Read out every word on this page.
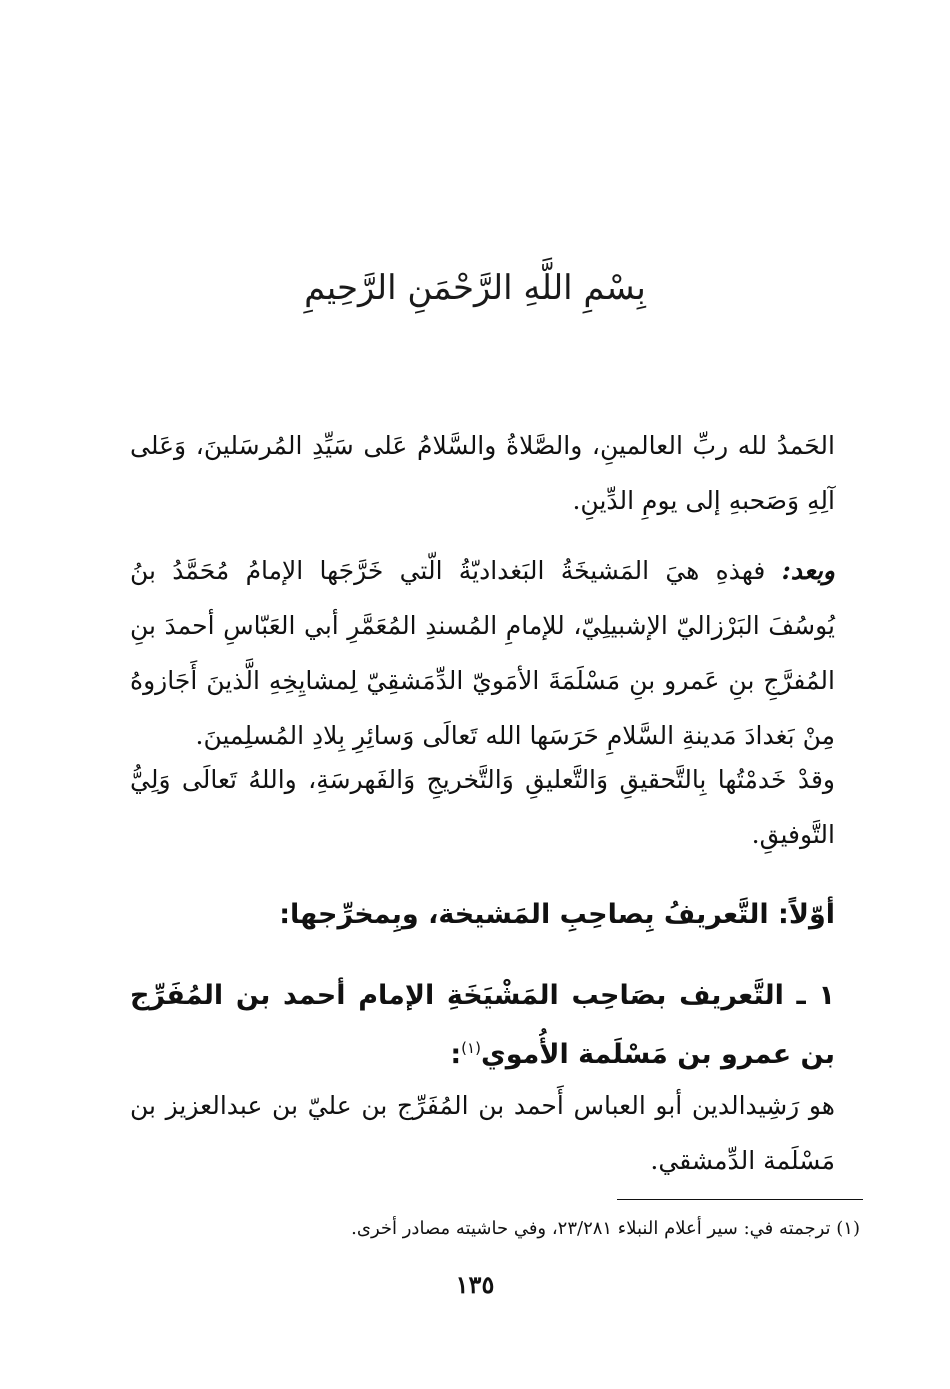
بِسْمِ اللَّهِ الرَّحْمَنِ الرَّحِيمِ

الحَمدُ لله ربِّ العالمينِ، والصَّلاةُ والسَّلامُ عَلى سَيِّدِ المُرسَلينَ، وَعَلى آلِهِ وَصَحبهِ إلى يومِ الدِّينِ.

وبعد: فهذهِ هيَ المَشيخَةُ البَغداديّةُ الّتي خَرَّجَها الإمامُ مُحَمَّدُ بنُ يُوسُفَ البَرْزاليّ الإشبيلِيّ، للإمامِ المُسندِ المُعَمَّرِ أبي العَبّاسِ أحمدَ بنِ المُفرَّجِ بنِ عَمرو بنِ مَسْلَمَةَ الأمَويّ الدِّمَشقِيّ لِمشايِخِهِ الَّذينَ أَجَازوهُ مِنْ بَغدادَ مَدينةِ السَّلامِ حَرَسَها الله تَعالَى وَسائِرِ بِلادِ المُسلِمينَ.

وقدْ خَدمْتُها بِالتَّحقيقِ وَالتَّعليقِ وَالتَّخريجِ وَالفَهرسَةِ، واللهُ تَعالَى وَلِيُّ التَّوفيقِ.

أوّلاً: التَّعريفُ بِصاحِبِ المَشيخة، وبِمخرِّجها:
١ ـ التَّعريف بصَاحِب المَشْيَخَةِ الإمام أحمد بن المُفَرِّج بن عمرو بن مَسْلَمة الأُموي$^{(١)}$:

هو رَشِيدالدين أبو العباس أَحمد بن المُفَرِّج بن عليّ بن عبدالعزيز بن مَسْلَمة الدِّمشقي.

(١) ترجمته في: سير أعلام النبلاء ٢٣/٢٨١، وفي حاشيته مصادر أخرى.
١٣٥
